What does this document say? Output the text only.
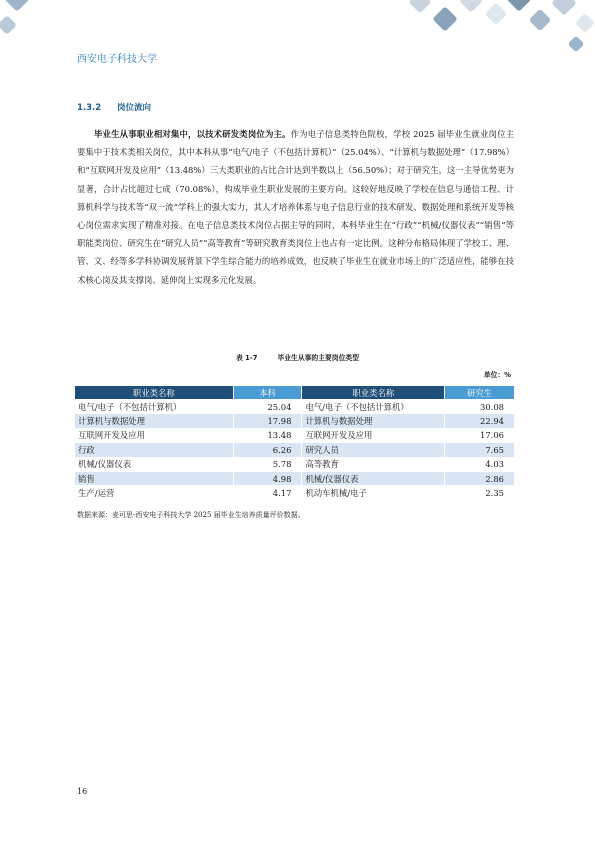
西安电子科技大学
1.3.2 岗位流向
毕业生从事职业相对集中，以技术研发类岗位为主。作为电子信息类特色院校，学校 2025 届毕业生就业岗位主要集中于技术类相关岗位，其中本科从事“电气/电子（不包括计算机）”（25.04%）、“计算机与数据处理”（17.98%）和“互联网开发及应用”（13.48%）三大类职业的占比合计达到半数以上（56.50%）；对于研究生，这一主导优势更为显著，合计占比超过七成（70.08%），构成毕业生职业发展的主要方向。这较好地反映了学校在信息与通信工程、计算机科学与技术等“双一流”学科上的强大实力，其人才培养体系与电子信息行业的技术研发、数据处理和系统开发等核心岗位需求实现了精准对接。在电子信息类技术岗位占据主导的同时，本科毕业生在“行政”“机械/仪器仪表”“销售”等职能类岗位、研究生在“研究人员”“高等教育”等研究教育类岗位上也占有一定比例。这种分布格局体现了学校工、理、管、文、经等多学科协调发展背景下学生综合能力的培养成效，也反映了毕业生在就业市场上的广泛适应性，能够在技术核心岗及其支撑岗、延伸岗上实现多元化发展。
表 1-7	毕业生从事的主要岗位类型
单位：%
职业类名称	本科	职业类名称	研究生
电气/电子（不包括计算机）	25.04	电气/电子（不包括计算机）	30.08
计算机与数据处理	17.98	计算机与数据处理	22.94
互联网开发及应用	13.48	互联网开发及应用	17.06
行政	6.26	研究人员	7.65
机械/仪器仪表	5.78	高等教育	4.03
销售	4.98	机械/仪器仪表	2.86
生产/运营	4.17	机动车机械/电子	2.35
数据来源：麦可思-西安电子科技大学 2025 届毕业生培养质量评价数据。
16
